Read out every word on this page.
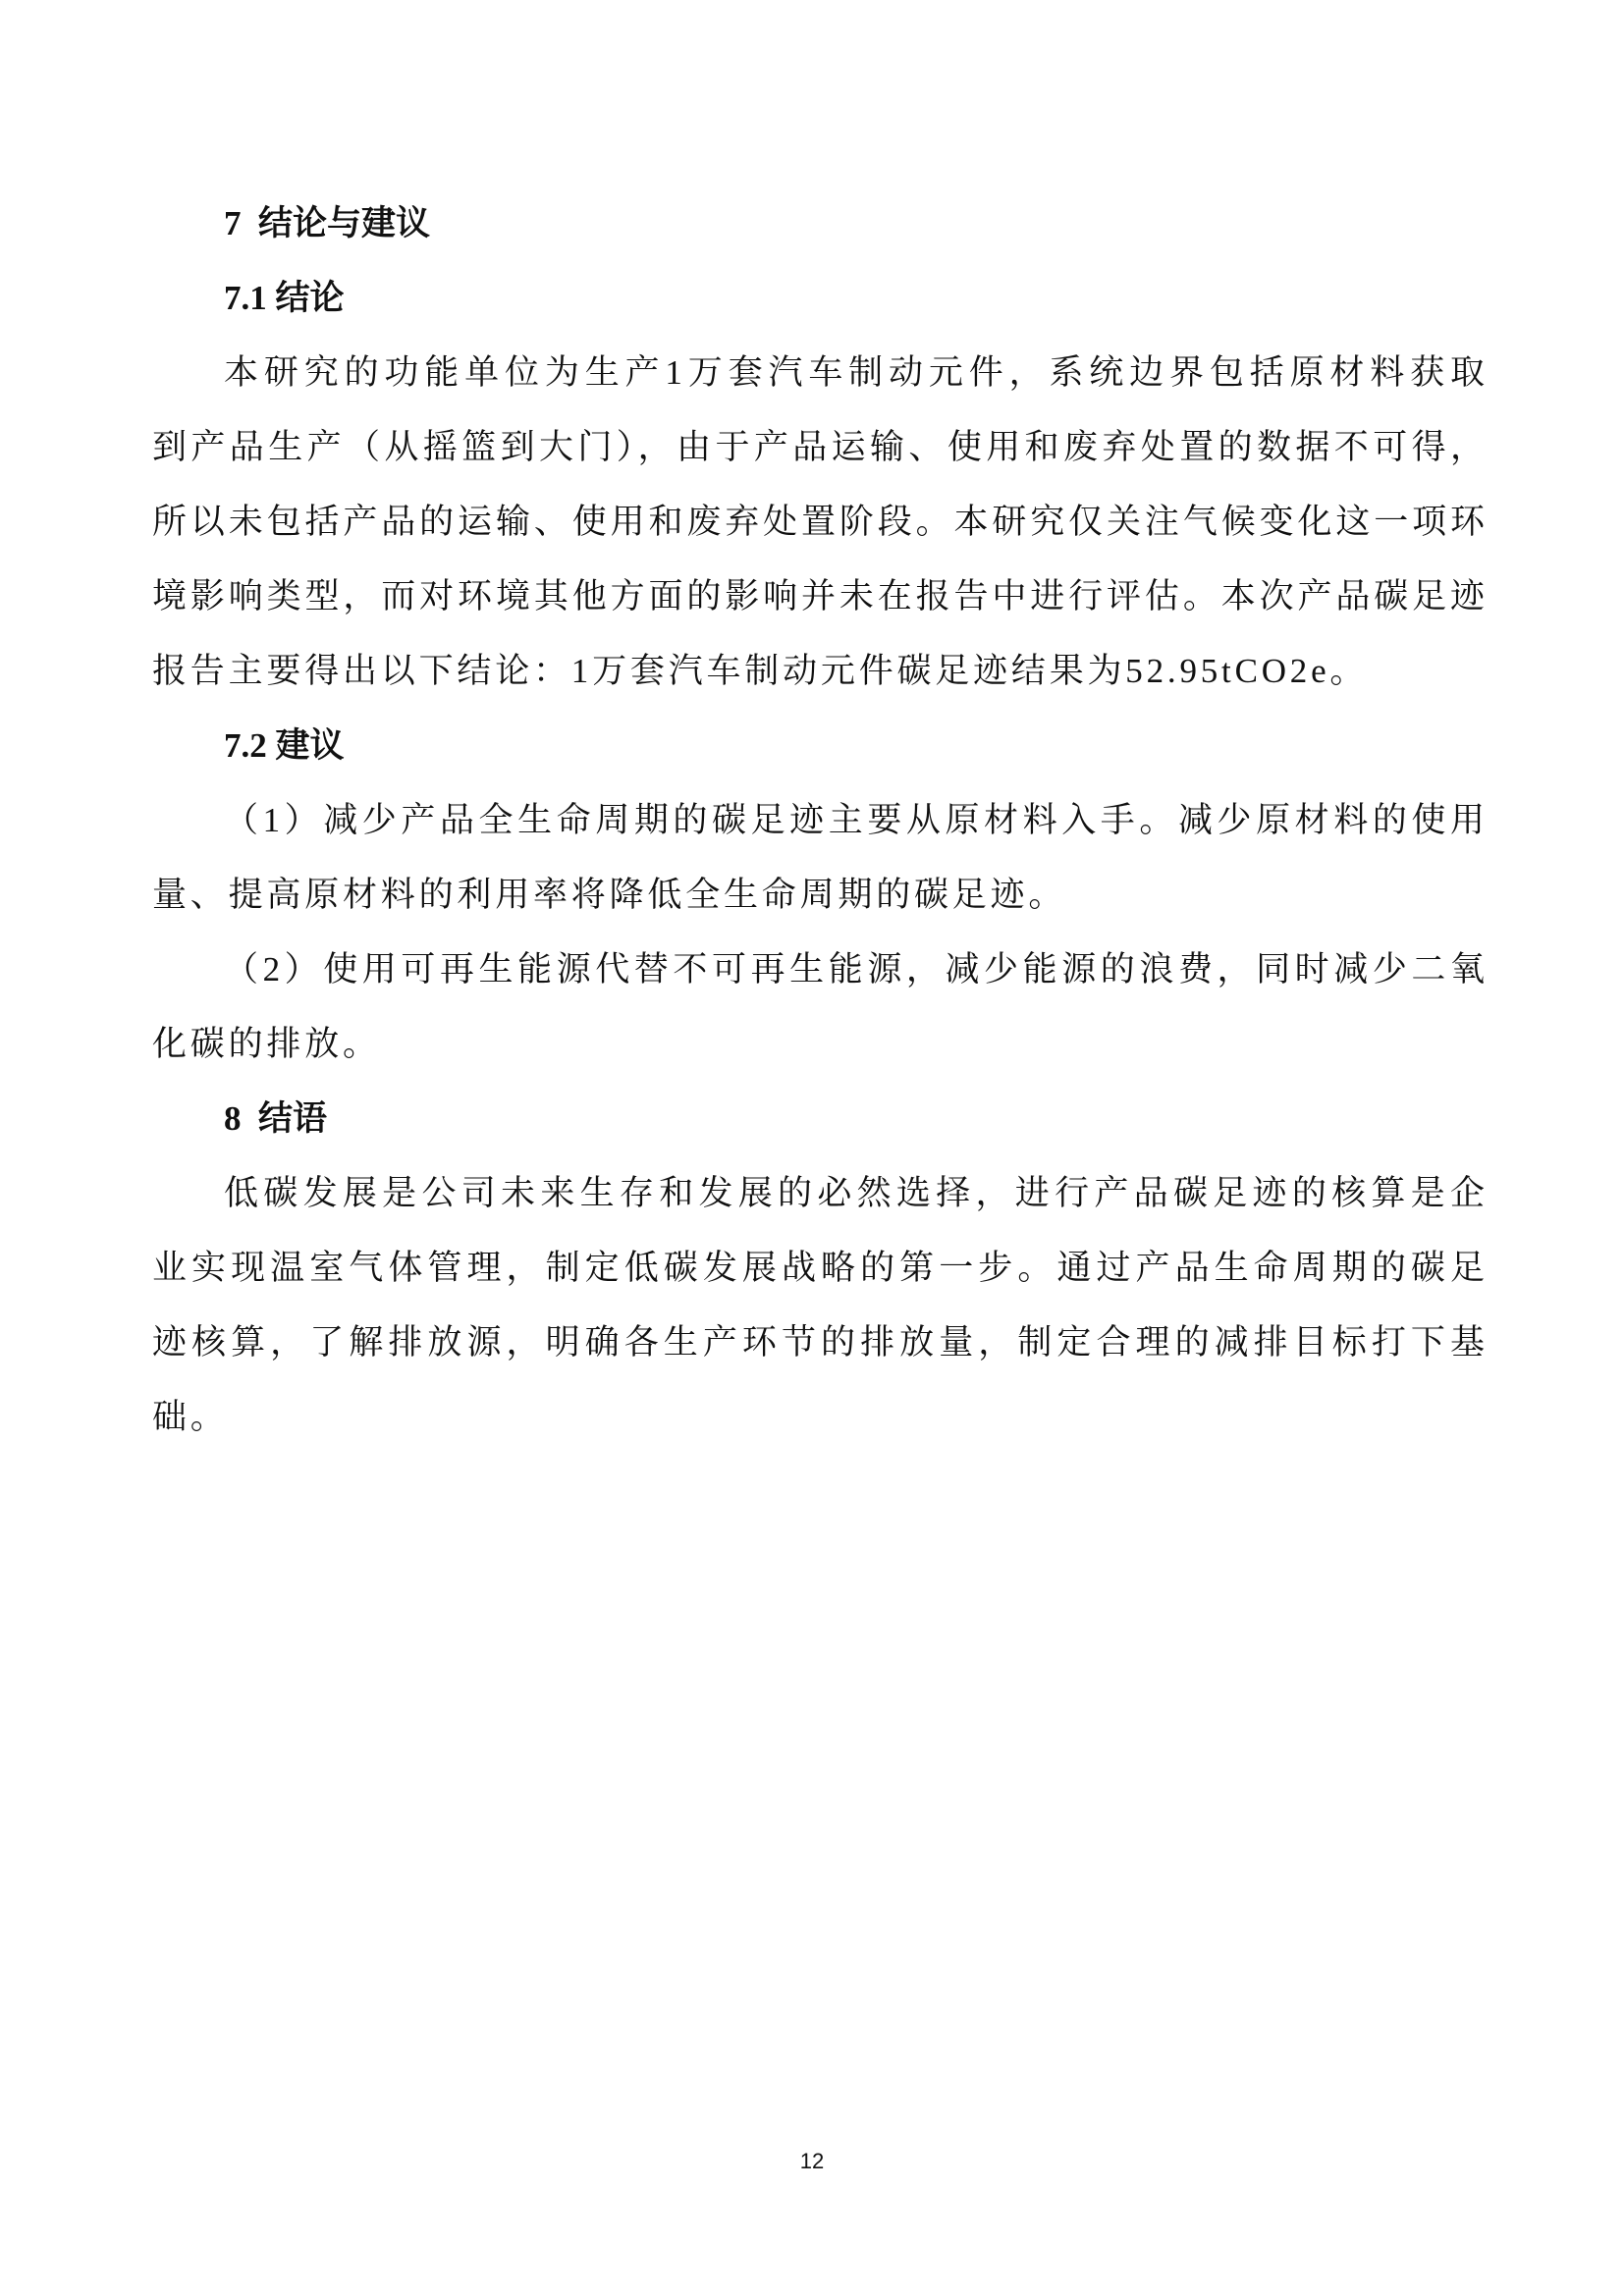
7  结论与建议
7.1 结论
本研究的功能单位为生产1万套汽车制动元件，系统边界包括原材料获取
到产品生产（从摇篮到大门），由于产品运输、使用和废弃处置的数据不可得，
所以未包括产品的运输、使用和废弃处置阶段。本研究仅关注气候变化这一项环
境影响类型，而对环境其他方面的影响并未在报告中进行评估。本次产品碳足迹
报告主要得出以下结论：1万套汽车制动元件碳足迹结果为52.95tCO2e。
7.2 建议
（1）减少产品全生命周期的碳足迹主要从原材料入手。减少原材料的使用
量、提高原材料的利用率将降低全生命周期的碳足迹。
（2）使用可再生能源代替不可再生能源，减少能源的浪费，同时减少二氧
化碳的排放。
8  结语
低碳发展是公司未来生存和发展的必然选择，进行产品碳足迹的核算是企
业实现温室气体管理，制定低碳发展战略的第一步。通过产品生命周期的碳足
迹核算，了解排放源，明确各生产环节的排放量，制定合理的减排目标打下基
础。
12
